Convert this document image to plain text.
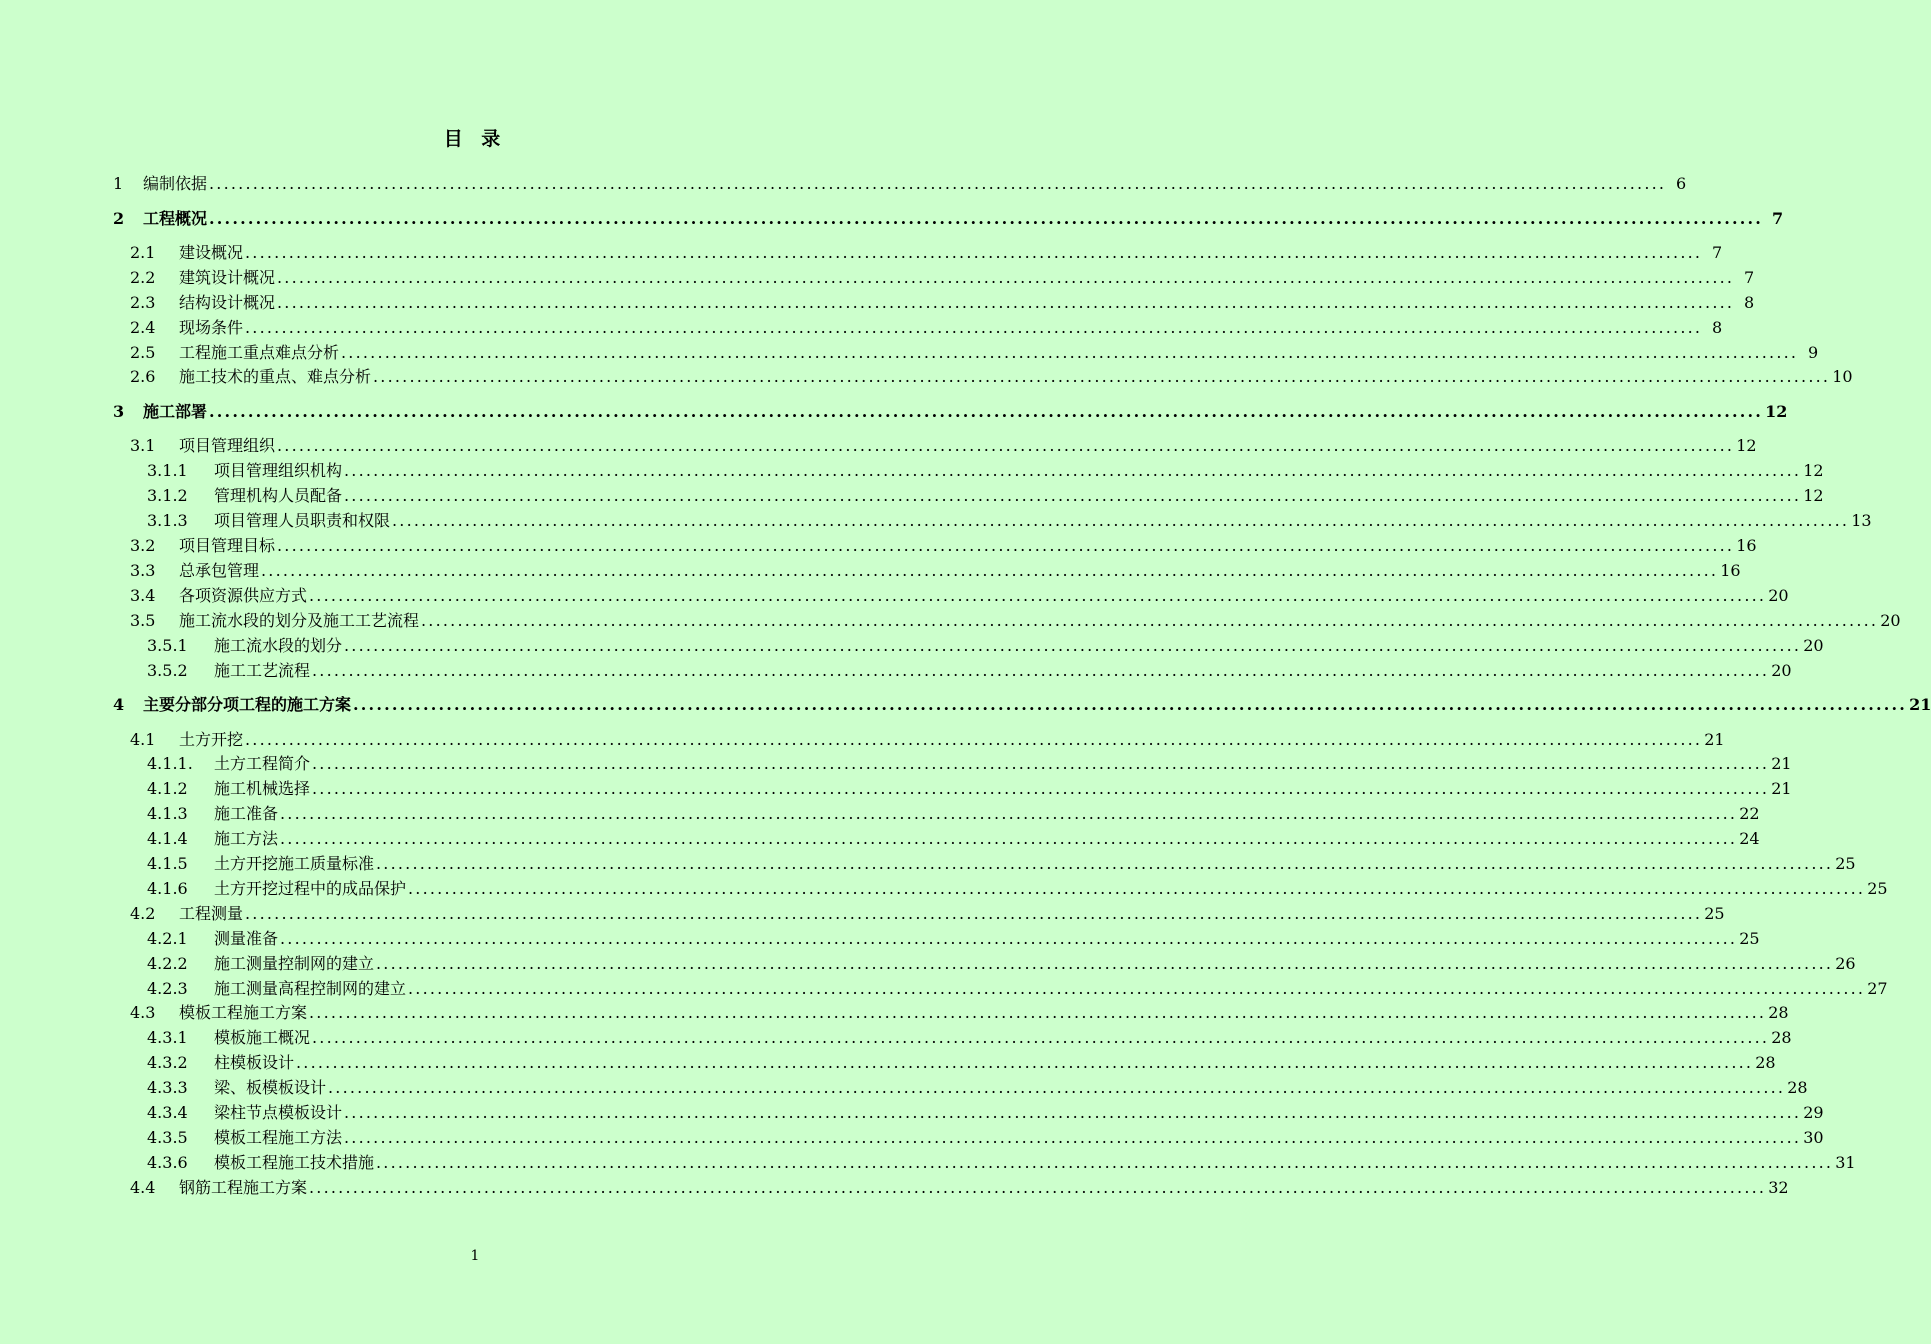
目 录
1	编制依据 ........................................................................................................................................................................................................ 6
2	工程概况 ........................................................................................................................................................................................................ 7
2.1	建设概况 ........................................................................................................................................................................................................ 7
2.2	建筑设计概况 ........................................................................................................................................................................................................ 7
2.3	结构设计概况 ........................................................................................................................................................................................................ 8
2.4	现场条件 ........................................................................................................................................................................................................ 8
2.5	工程施工重点难点分析 ........................................................................................................................................................................................................ 9
2.6	施工技术的重点、难点分析 ........................................................................................................................................................................................................ 10
3	施工部署 ........................................................................................................................................................................................................ 12
3.1	项目管理组织 ........................................................................................................................................................................................................ 12
3.1.1	项目管理组织机构 ........................................................................................................................................................................................................ 12
3.1.2	管理机构人员配备 ........................................................................................................................................................................................................ 12
3.1.3	项目管理人员职责和权限 ........................................................................................................................................................................................................ 13
3.2	项目管理目标 ........................................................................................................................................................................................................ 16
3.3	总承包管理 ........................................................................................................................................................................................................ 16
3.4	各项资源供应方式 ........................................................................................................................................................................................................ 20
3.5	施工流水段的划分及施工工艺流程 ........................................................................................................................................................................................................ 20
3.5.1	施工流水段的划分 ........................................................................................................................................................................................................ 20
3.5.2	施工工艺流程 ........................................................................................................................................................................................................ 20
4	主要分部分项工程的施工方案 ........................................................................................................................................................................................................ 21
4.1	土方开挖 ........................................................................................................................................................................................................ 21
4.1.1.	土方工程简介 ........................................................................................................................................................................................................ 21
4.1.2	施工机械选择 ........................................................................................................................................................................................................ 21
4.1.3	施工准备 ........................................................................................................................................................................................................ 22
4.1.4	施工方法 ........................................................................................................................................................................................................ 24
4.1.5	土方开挖施工质量标准 ........................................................................................................................................................................................................ 25
4.1.6	土方开挖过程中的成品保护 ........................................................................................................................................................................................................ 25
4.2	工程测量 ........................................................................................................................................................................................................ 25
4.2.1	测量准备 ........................................................................................................................................................................................................ 25
4.2.2	施工测量控制网的建立 ........................................................................................................................................................................................................ 26
4.2.3	施工测量高程控制网的建立 ........................................................................................................................................................................................................ 27
4.3	模板工程施工方案 ........................................................................................................................................................................................................ 28
4.3.1	模板施工概况 ........................................................................................................................................................................................................ 28
4.3.2	柱模板设计 ........................................................................................................................................................................................................ 28
4.3.3	梁、板模板设计 ........................................................................................................................................................................................................ 28
4.3.4	梁柱节点模板设计 ........................................................................................................................................................................................................ 29
4.3.5	模板工程施工方法 ........................................................................................................................................................................................................ 30
4.3.6	模板工程施工技术措施 ........................................................................................................................................................................................................ 31
4.4	钢筋工程施工方案 ........................................................................................................................................................................................................ 32
1
